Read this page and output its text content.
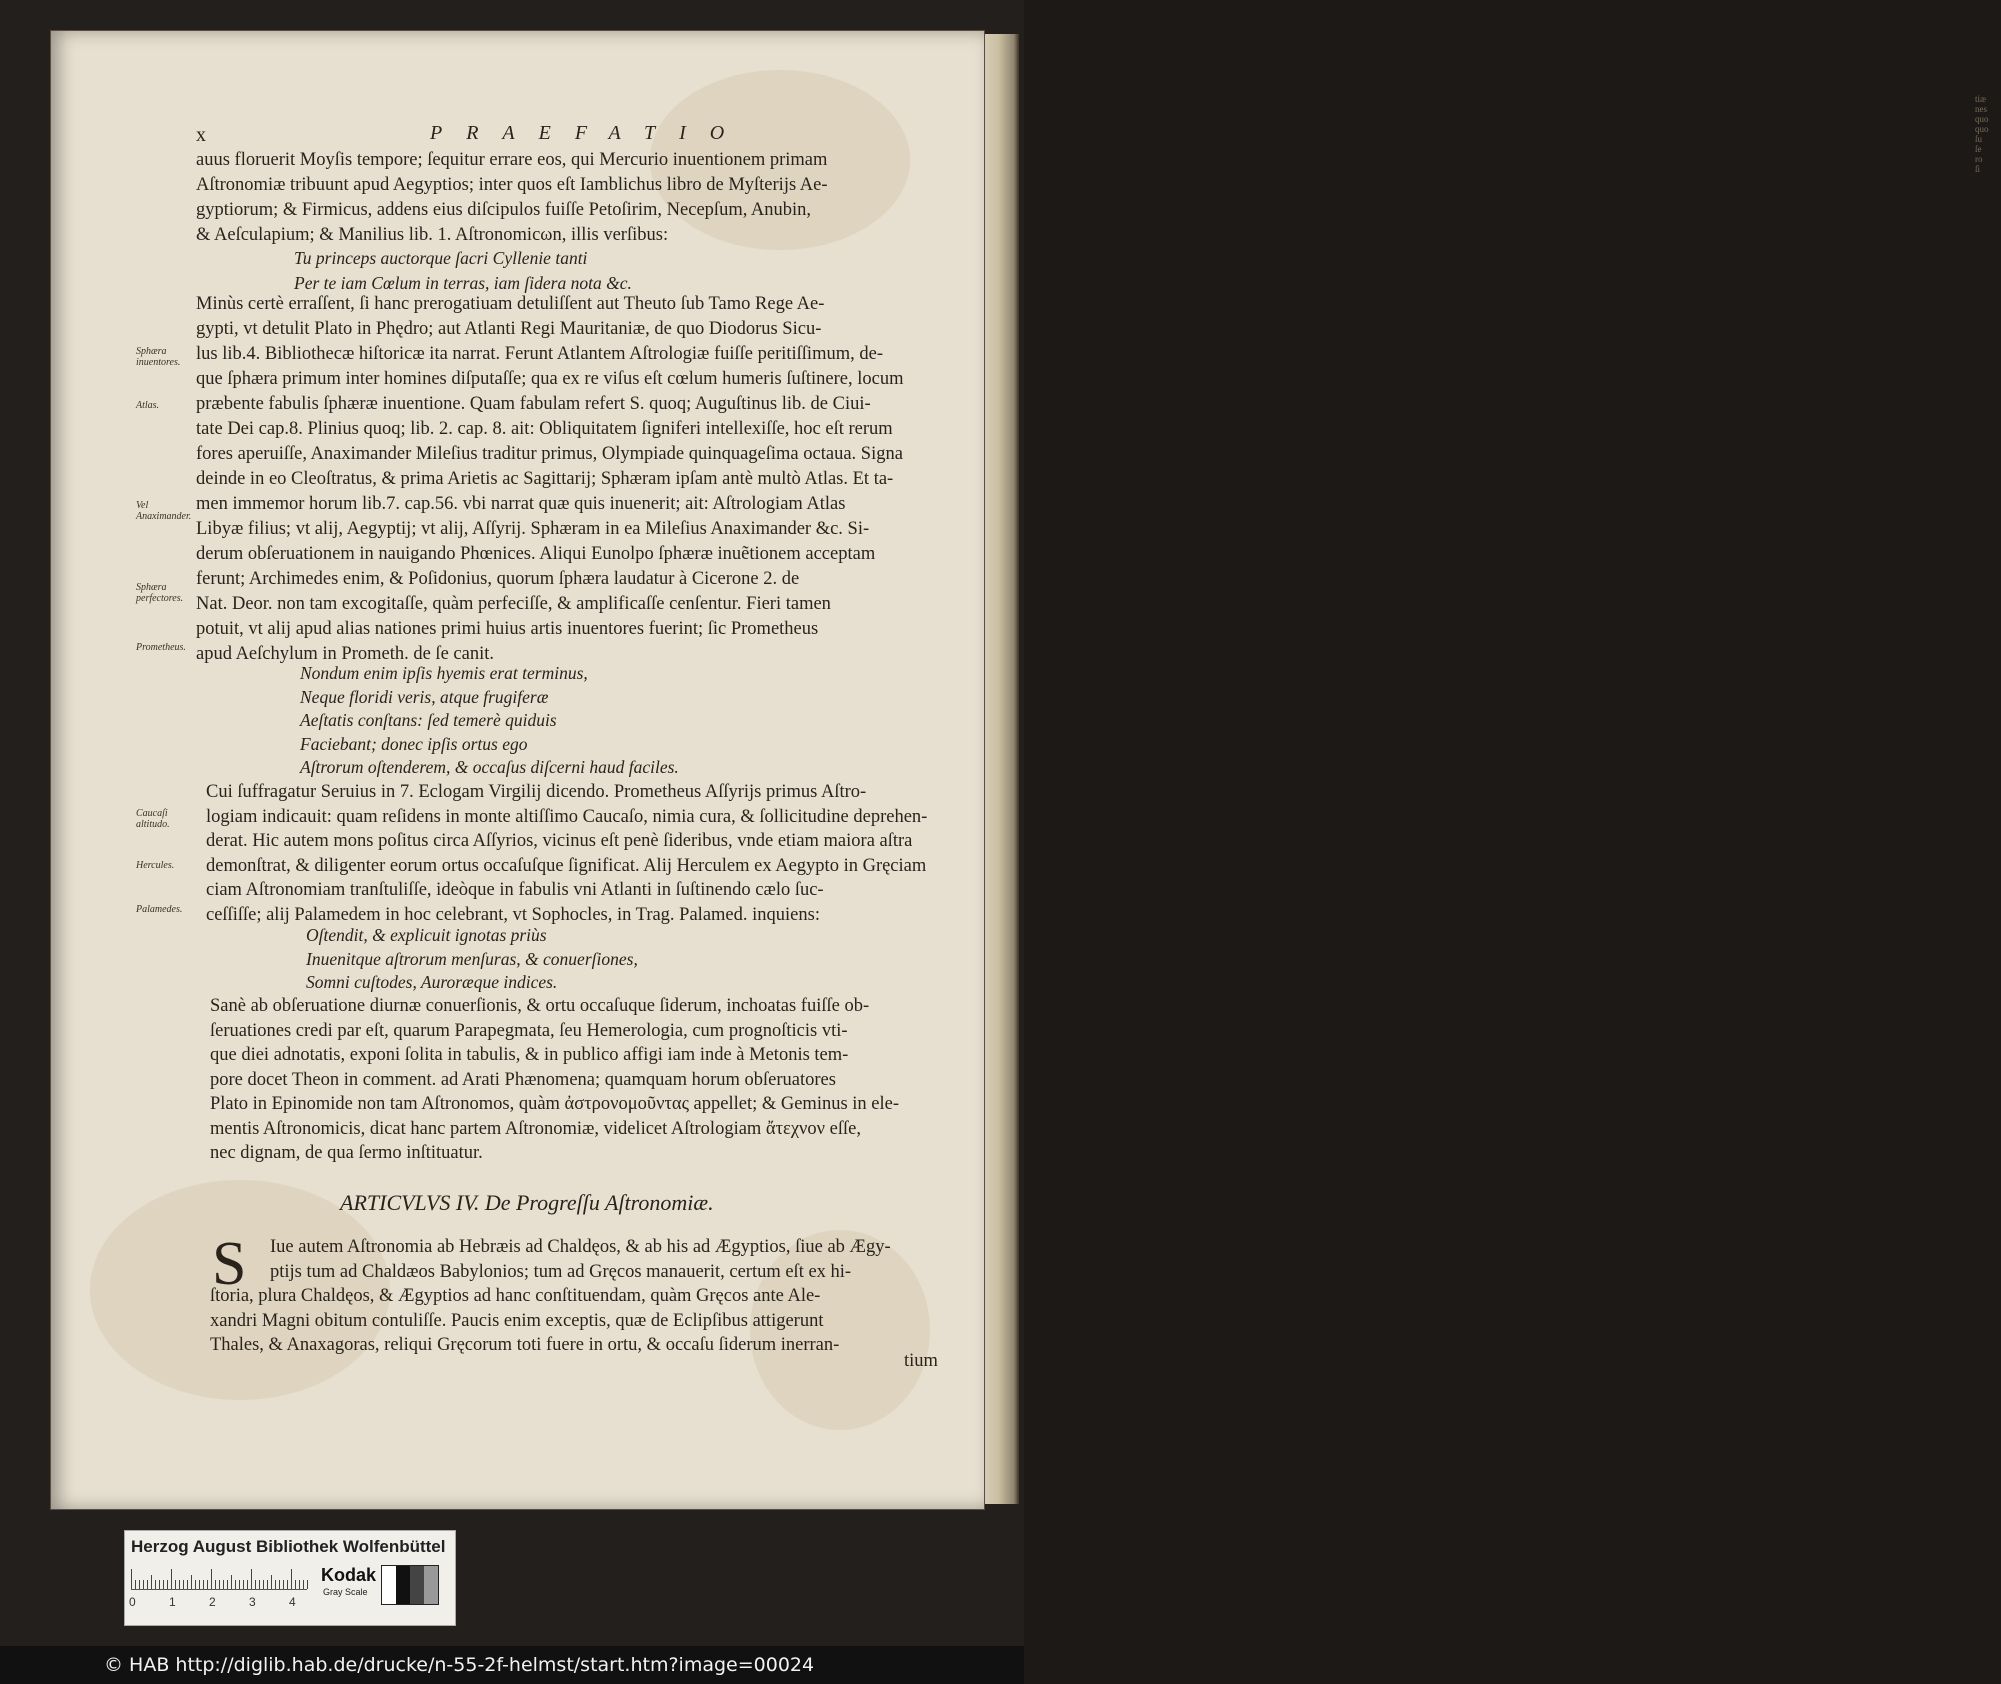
tiæ
nes
quo
quo
ſu
ſe
ro
ſi
x	PRAEFATIO
auus floruerit Moyſis tempore; ſequitur errare eos, qui Mercurio inuentionem primam
Aſtronomiæ tribuunt apud Aegyptios; inter quos eſt Iamblichus libro de Myſterijs Ae-
gyptiorum; & Firmicus, addens eius diſcipulos fuiſſe Petoſirim, Necepſum, Anubin,
& Aeſculapium; & Manilius lib. 1. Aſtronomicωn, illis verſibus:
Tu princeps auctorque ſacri Cyllenie tanti
Per te iam Cœlum in terras, iam ſidera nota &c.
Minùs certè erraſſent, ſi hanc prerogatiuam detuliſſent aut Theuto ſub Tamo Rege Ae-
gypti, vt detulit Plato in Phędro; aut Atlanti Regi Mauritaniæ, de quo Diodorus Sicu-
lus lib.4. Bibliothecæ hiſtoricæ ita narrat. Ferunt Atlantem Aſtrologiæ fuiſſe peritiſſimum, de-
que ſphæra primum inter homines diſputaſſe; qua ex re viſus eſt cœlum humeris ſuſtinere, locum
præbente fabulis ſphæræ inuentione. Quam fabulam refert S. quoq; Auguſtinus lib. de Ciui-
tate Dei cap.8. Plinius quoq; lib. 2. cap. 8. ait: Obliquitatem ſigniferi intellexiſſe, hoc eſt rerum
fores aperuiſſe, Anaximander Mileſius traditur primus, Olympiade quinquageſima octaua. Signa
deinde in eo Cleoſtratus, & prima Arietis ac Sagittarij; Sphæram ipſam antè multò Atlas. Et ta-
men immemor horum lib.7. cap.56. vbi narrat quæ quis inuenerit; ait: Aſtrologiam Atlas
Libyæ filius; vt alij, Aegyptij; vt alij, Aſſyrij. Sphæram in ea Mileſius Anaximander &c. Si-
derum obſeruationem in nauigando Phœnices. Aliqui Eunolpo ſphæræ inuẽtionem acceptam
ferunt; Archimedes enim, & Poſidonius, quorum ſphæra laudatur à Cicerone 2. de
Nat. Deor. non tam excogitaſſe, quàm perfeciſſe, & amplificaſſe cenſentur. Fieri tamen
potuit, vt alij apud alias nationes primi huius artis inuentores fuerint; ſic Prometheus
apud Aeſchylum in Prometh. de ſe canit.
Nondum enim ipſis hyemis erat terminus,
Neque floridi veris, atque frugiferæ
Aeſtatis conſtans: ſed temerè quiduis
Faciebant; donec ipſis ortus ego
Aſtrorum oſtenderem, & occaſus diſcerni haud faciles.
Cui ſuffragatur Seruius in 7. Eclogam Virgilij dicendo. Prometheus Aſſyrijs primus Aſtro-
logiam indicauit: quam reſidens in monte altiſſimo Caucaſo, nimia cura, & ſollicitudine deprehen-
derat. Hic autem mons poſitus circa Aſſyrios, vicinus eſt penè ſideribus, vnde etiam maiora aſtra
demonſtrat, & diligenter eorum ortus occaſuſque ſignificat. Alij Herculem ex Aegypto in Gręciam
ciam Aſtronomiam tranſtuliſſe, ideòque in fabulis vni Atlanti in ſuſtinendo cælo ſuc-
ceſſiſſe; alij Palamedem in hoc celebrant, vt Sophocles, in Trag. Palamed. inquiens:
Oſtendit, & explicuit ignotas priùs
Inuenitque aſtrorum menſuras, & conuerſiones,
Somni cuſtodes, Auroræque indices.
Sanè ab obſeruatione diurnæ conuerſionis, & ortu occaſuque ſiderum, inchoatas fuiſſe ob-
ſeruationes credi par eſt, quarum Parapegmata, ſeu Hemerologia, cum prognoſticis vti-
que diei adnotatis, exponi ſolita in tabulis, & in publico affigi iam inde à Metonis tem-
pore docet Theon in comment. ad Arati Phænomena; quamquam horum obſeruatores
Plato in Epinomide non tam Aſtronomos, quàm ἀστρονομοῦντας appellet; & Geminus in ele-
mentis Aſtronomicis, dicat hanc partem Aſtronomiæ, videlicet Aſtrologiam ἄτεχνον eſſe,
nec dignam, de qua ſermo inſtituatur.
Iue autem Aſtronomia ab Hebræis ad Chaldęos, & ab his ad Ægyptios, ſiue ab Ægy-
ptijs tum ad Chaldæos Babylonios; tum ad Gręcos manauerit, certum eſt ex hi-
ſtoria, plura Chaldęos, & Ægyptios ad hanc conſtituendam, quàm Gręcos ante Ale-
xandri Magni obitum contuliſſe. Paucis enim exceptis, quæ de Eclipſibus attigerunt
Thales, & Anaxagoras, reliqui Gręcorum toti fuere in ortu, & occaſu ſiderum inerran-
Sphæra inuentores.
Atlas.
Vel Anaximander.
Sphæra perfectores.
Prometheus.
Caucaſi altitudo.
Hercules.
Palamedes.
S
ARTICVLVS IV. De Progreſſu Aſtronomiæ.
tium
Herzog August Bibliothek Wolfenbüttel
0	1	2	3	4
Kodak
Gray Scale
© HAB http://diglib.hab.de/drucke/n-55-2f-helmst/start.htm?image=00024
